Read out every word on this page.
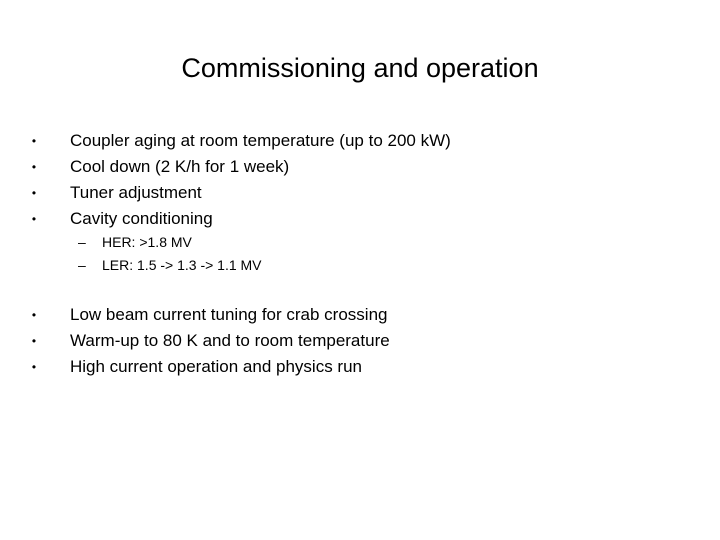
Commissioning and operation
• Coupler aging at room temperature (up to 200 kW)
• Cool down (2 K/h for 1 week)
• Tuner adjustment
• Cavity conditioning
– HER: >1.8 MV
– LER: 1.5 -> 1.3 -> 1.1 MV
• Low beam current tuning for crab crossing
• Warm-up to 80 K and to room temperature
• High current operation and physics run
